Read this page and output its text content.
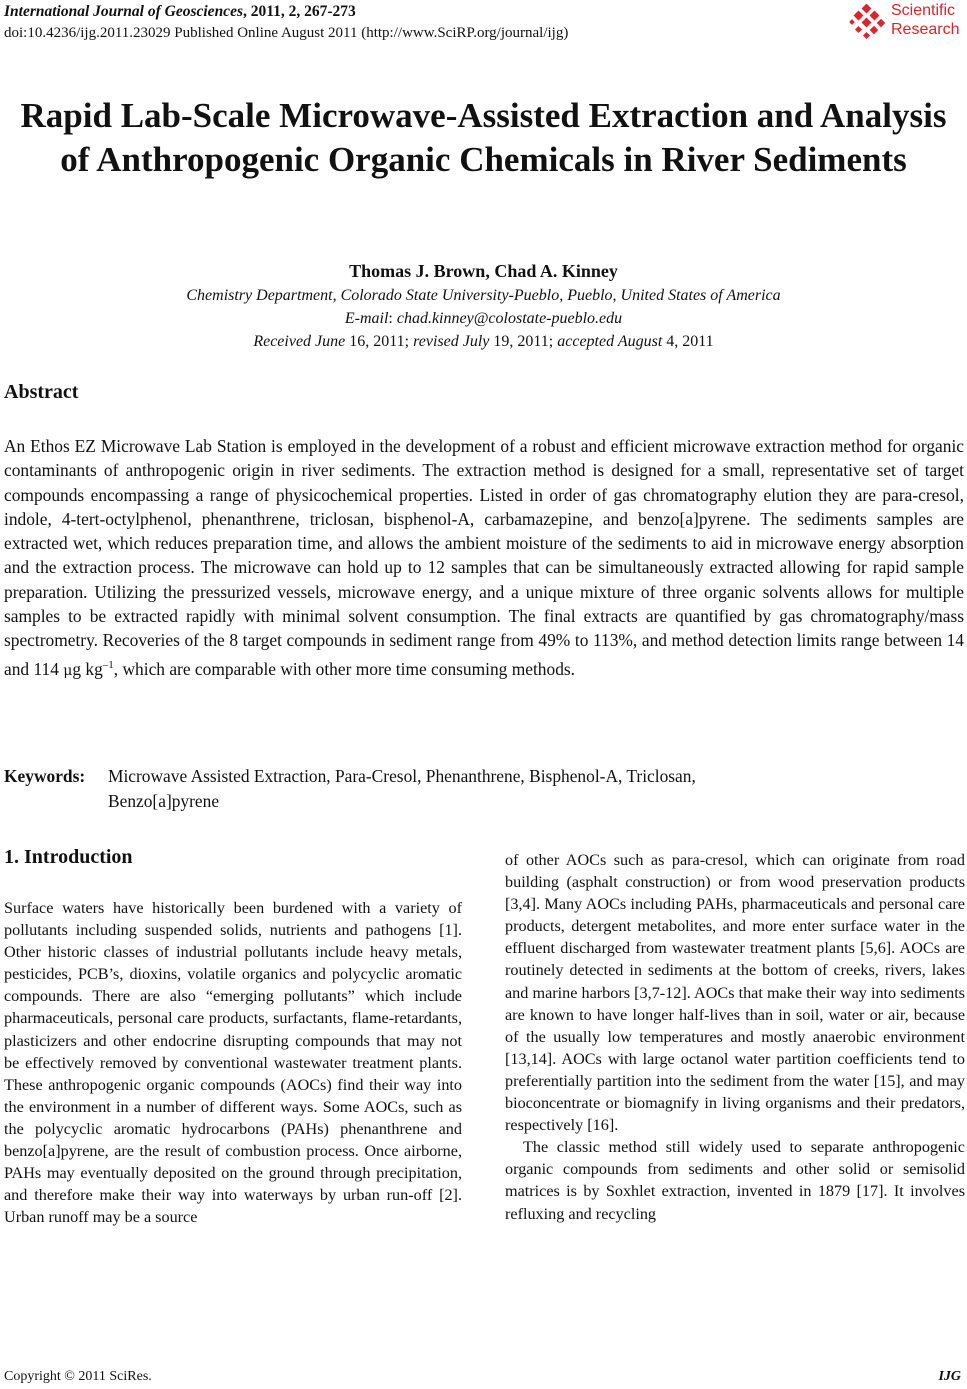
International Journal of Geosciences, 2011, 2, 267-273
doi:10.4236/ijg.2011.23029 Published Online August 2011 (http://www.SciRP.org/journal/ijg)
Scientific
Research
Rapid Lab-Scale Microwave-Assisted Extraction and Analysis of Anthropogenic Organic Chemicals in River Sediments
Thomas J. Brown, Chad A. Kinney
Chemistry Department, Colorado State University-Pueblo, Pueblo, United States of America
E-mail: chad.kinney@colostate-pueblo.edu
Received June 16, 2011; revised July 19, 2011; accepted August 4, 2011
Abstract
An Ethos EZ Microwave Lab Station is employed in the development of a robust and efficient microwave extraction method for organic contaminants of anthropogenic origin in river sediments. The extraction method is designed for a small, representative set of target compounds encompassing a range of physicochemical properties. Listed in order of gas chromatography elution they are para-cresol, indole, 4-tert-octylphenol, phenanthrene, triclosan, bisphenol-A, carbamazepine, and benzo[a]pyrene. The sediments samples are extracted wet, which reduces preparation time, and allows the ambient moisture of the sediments to aid in microwave energy absorption and the extraction process. The microwave can hold up to 12 samples that can be simultaneously extracted allowing for rapid sample preparation. Utilizing the pressurized vessels, microwave energy, and a unique mixture of three organic solvents allows for multiple samples to be extracted rapidly with minimal solvent consumption. The final extracts are quantified by gas chromatography/mass spectrometry. Recoveries of the 8 target compounds in sediment range from 49% to 113%, and method detection limits range between 14 and 114 μg $kg^{-1}$, which are comparable with other more time consuming methods.
Keywords: Microwave Assisted Extraction, Para-Cresol, Phenanthrene, Bisphenol-A, Triclosan,
Benzo[a]pyrene
1. Introduction

Surface waters have historically been burdened with a variety of pollutants including suspended solids, nutrients and pathogens [1]. Other historic classes of industrial pollutants include heavy metals, pesticides, PCB’s, dioxins, volatile organics and polycyclic aromatic compounds. There are also “emerging pollutants” which include pharmaceuticals, personal care products, surfactants, flame-retardants, plasticizers and other endocrine disrupting compounds that may not be effectively removed by conventional wastewater treatment plants. These anthropogenic organic compounds (AOCs) find their way into the environment in a number of different ways. Some AOCs, such as the polycyclic aromatic hydrocarbons (PAHs) phenanthrene and benzo[a]pyrene, are the result of combustion process. Once airborne, PAHs may eventually deposited on the ground through precipitation, and therefore make their way into waterways by urban run-off [2]. Urban runoff may be a source

of other AOCs such as para-cresol, which can originate from road building (asphalt construction) or from wood preservation products [3,4]. Many AOCs including PAHs, pharmaceuticals and personal care products, detergent metabolites, and more enter surface water in the effluent discharged from wastewater treatment plants [5,6]. AOCs are routinely detected in sediments at the bottom of creeks, rivers, lakes and marine harbors [3,7-12]. AOCs that make their way into sediments are known to have longer half-lives than in soil, water or air, because of the usually low temperatures and mostly anaerobic environment [13,14]. AOCs with large octanol water partition coefficients tend to preferentially partition into the sediment from the water [15], and may bioconcentrate or biomagnify in living organisms and their predators, respectively [16].

The classic method still widely used to separate anthropogenic organic compounds from sediments and other solid or semisolid matrices is by Soxhlet extraction, invented in 1879 [17]. It involves refluxing and recycling

Copyright © 2011 SciRes.	IJG
